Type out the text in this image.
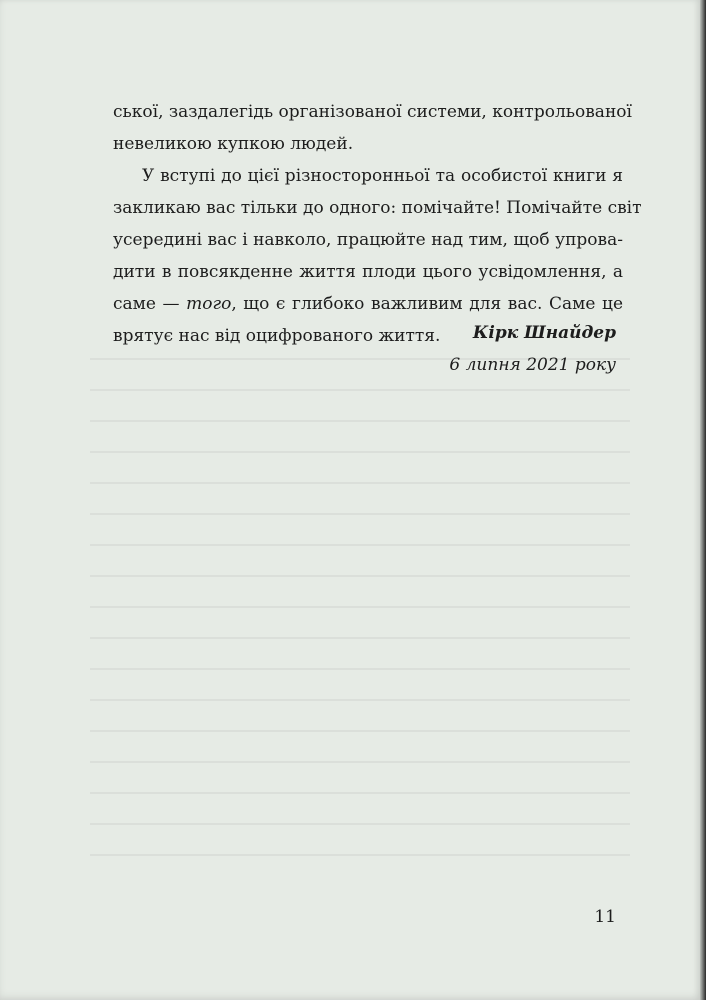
ської, заздалегідь організованої системи, контрольованої
невеликою купкою людей.
У вступі до цієї різносторонньої та особистої книги я
закликаю вас тільки до одного: помічайте! Помічайте світ
усередині вас і навколо, працюйте над тим, щоб упрова-
дити в повсякденне життя плоди цього усвідомлення, а
саме — того, що є глибоко важливим для вас. Саме це
врятує нас від оцифрованого життя.	Кірк Шнайдер
6 липня 2021 року
11
